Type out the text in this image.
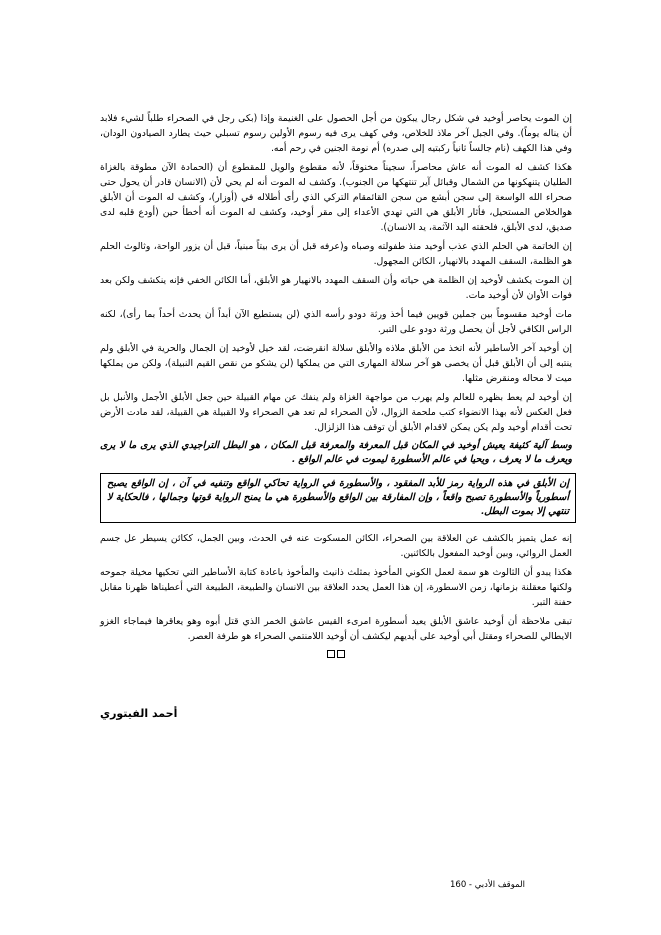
إن الموت يحاصر أوخيد في شكل رجال يبكون من أجل الحصول على الغنيمة وإذا (بكى رجل في الصحراء طلباً لشيء فلابد أن يناله يوماً). وفي الجبل آخر ملاذ للخلاص، وفي كهف يرى فيه رسوم الأولين رسوم تسبلي حيث يطارد الصيادون الودان، وفي هذا الكهف (نام جالساً ثانياً ركبتيه إلى صدره) أم نومة الجنين في رحم أمه.

هكذا كشف له الموت أنه عاش محاصراً، سجيناً مخنوقاً، لأنه مقطوع والويل للمقطوع أن (الحمادة الآن مطوقة بالغزاة الطليان يتنهكونها من الشمال وقبائل آير تنتهكها من الجنوب). وكشف له الموت أنه لم يحي لأن (الانسان قادر أن يحول حتى صحراء الله الواسعة إلى سجن أبشع من سجن القائمقام التركي الذي رأى أطلاله في (أوزار)، وكشف له الموت أن الأبلق هوالخلاص المستحيل، فأثار الأبلق هي التي تهدي الأعداء إلى مقر أوخيد، وكشف له الموت أنه أخطأ حين (أودع قلبه لدى صديق، لدى الأبلق، فلحقته اليد الآثمة، يد الانسان).

إن الخاتمة هي الحلم الذي عذب أوخيد منذ طفولته وصباه و(عرفه قبل أن يرى بيتاً مبنياً، قبل أن يزور الواحة، وثالوث الحلم هو الظلمة، السقف المهدد بالانهيار، الكائن المجهول.

إن الموت يكشف لأوخيد إن الظلمة هي حياته وأن السقف المهدد بالانهيار هو الأبلق، أما الكائن الخفي فإنه ينكشف ولكن بعد فوات الأوان لأن أوخيد مات.

مات أوخيد مقسوماً بين جملين قويين فيما أخذ ورثة دودو رأسه الذي (لن يستطيع الآن أبداً أن يحدث أحداً بما رأى)، لكنه الراس الكافي لأجل أن يحصل ورثة دودو على التبر.

إن أوخيد آخر الأساطير لأنه اتخذ من الأبلق ملاذه والأبلق سلالة انقرضت، لقد خيل لأوخيد إن الجمال والحرية في الأبلق ولم ينتبه إلى أن الأبلق قبل أن يخصى هو آخر سلالة المهارى التي من يملكها (لن يشكو من نقص القيم النبيلة)، ولكن من يملكها ميت لا محاله ومنقرض مثلها.

إن أوخيد لم يعط بظهره للعالم ولم يهرب من مواجهة الغزاة ولم ينفك عن مهام القبيلة حين جعل الأبلق الأجمل والأنبل بل فعل العكس لأنه بهذا الانضواء كتب ملحمة الزوال، لأن الصحراء لم تعد هي الصحراء ولا القبيلة هي القبيلة، لقد مادت الأرض تحت أقدام أوخيد ولم يكن يمكن لاقدام الأبلق أن توقف هذا الزلزال.

وسط آلية كثيفة يعيش أوخيد في المكان قبل المعرفة والمعرفة قبل المكان ، هو البطل التراجيدي الذي يرى ما لا يرى ويعرف ما لا يعرف ، ويحيا في عالم الأسطورة ليموت في عالم الواقع .
إن الأبلق في هذه الرواية رمز للأبد المفقود ، والأسطورة في الرواية تحاكي الواقع وتنفيه في آن ، إن الواقع يصبح أسطورياً والأسطورة تصبح واقعاً ، وإن المفارقة بين الواقع والأسطورة هي ما يمنح الرواية قوتها وجمالها ، فالحكاية لا تنتهي إلا بموت البطل.

إنه عمل يتميز بالكشف عن العلاقة بين الصحراء، الكائن المسكوت عنه في الحدث، وبين الجمل، ككائن يسيطر عل جسم العمل الروائي، وبين أوخيد المفعول بالكائنين.

هكذا يبدو أن الثالوث هو سمة لعمل الكوني المأخوذ بمثلث ذانيث والمأخوذ باعادة كتابة الأساطير التي تحكيها مخيلة جموحه ولكنها معقلنة بزمانها، زمن الاسطورة، إن هذا العمل يحدد العلاقة بين الانسان والطبيعة، الطبيعة التي أعطيناها ظهرنا مقابل حفنة التبر.

تبقى ملاحظة أن أوخيد عاشق الأبلق يعيد أسطورة امرىء القيس عاشق الخمر الذي قتل أبوه وهو يعاقرها فيماجاء الغزو الايطالي للصحراء ومقتل أبي أوخيد على أيديهم ليكشف أن أوخيد اللامنتمي الصحراء هو طرفة العصر.

أحمد الفيتوري
الموقف الأدبي - 160
